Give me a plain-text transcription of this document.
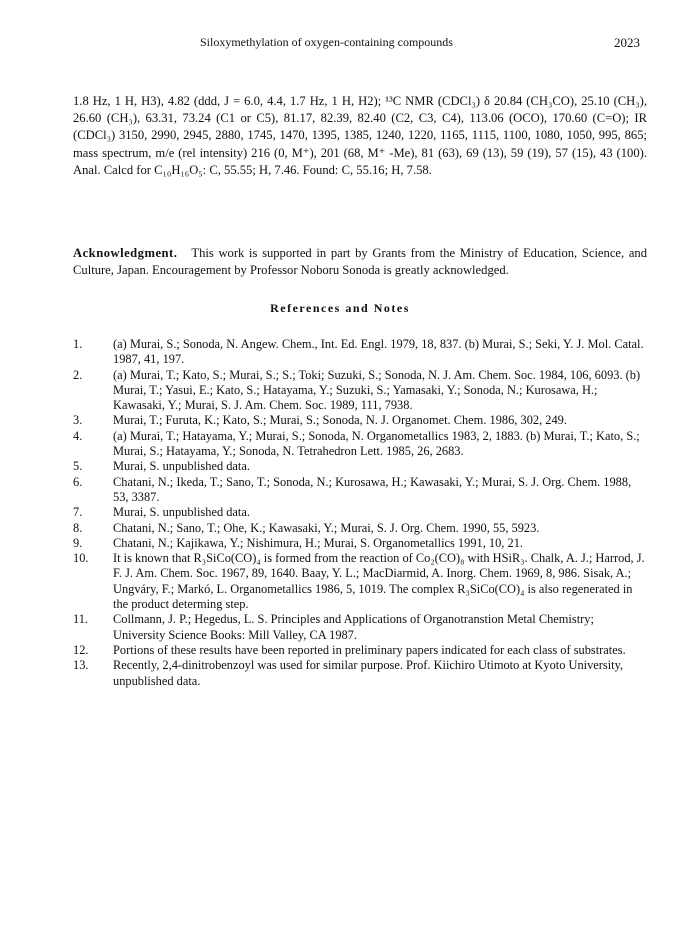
Siloxymethylation of oxygen-containing compounds	2023

1.8 Hz, 1 H, H3), 4.82 (ddd, J = 6.0, 4.4, 1.7 Hz, 1 H, H2); ¹³C NMR (CDCl₃) δ 20.84 (CH₃CO), 25.10 (CH₃), 26.60 (CH₃), 63.31, 73.24 (C1 or C5), 81.17, 82.39, 82.40 (C2, C3, C4), 113.06 (OCO), 170.60 (C=O); IR (CDCl₃) 3150, 2990, 2945, 2880, 1745, 1470, 1395, 1385, 1240, 1220, 1165, 1115, 1100, 1080, 1050, 995, 865; mass spectrum, m/e (rel intensity) 216 (0, M⁺), 201 (68, M⁺ -Me), 81 (63), 69 (13), 59 (19), 57 (15), 43 (100). Anal. Calcd for C₁₀H₁₆O₅: C, 55.55; H, 7.46. Found: C, 55.16; H, 7.58.

Acknowledgment. This work is supported in part by Grants from the Ministry of Education, Science, and Culture, Japan. Encouragement by Professor Noboru Sonoda is greatly acknowledged.

References and Notes
1.	(a) Murai, S.; Sonoda, N. Angew. Chem., Int. Ed. Engl. 1979, 18, 837. (b) Murai, S.; Seki, Y. J. Mol. Catal. 1987, 41, 197.
2.	(a) Murai, T.; Kato, S.; Murai, S.; S.; Toki; Suzuki, S.; Sonoda, N. J. Am. Chem. Soc. 1984, 106, 6093. (b) Murai, T.; Yasui, E.; Kato, S.; Hatayama, Y.; Suzuki, S.; Yamasaki, Y.; Sonoda, N.; Kurosawa, H.; Kawasaki, Y.; Murai, S. J. Am. Chem. Soc. 1989, 111, 7938.
3.	Murai, T.; Furuta, K.; Kato, S.; Murai, S.; Sonoda, N. J. Organomet. Chem. 1986, 302, 249.
4.	(a) Murai, T.; Hatayama, Y.; Murai, S.; Sonoda, N. Organometallics 1983, 2, 1883. (b) Murai, T.; Kato, S.; Murai, S.; Hatayama, Y.; Sonoda, N. Tetrahedron Lett. 1985, 26, 2683.
5.	Murai, S. unpublished data.
6.	Chatani, N.; Ikeda, T.; Sano, T.; Sonoda, N.; Kurosawa, H.; Kawasaki, Y.; Murai, S. J. Org. Chem. 1988, 53, 3387.
7.	Murai, S. unpublished data.
8.	Chatani, N.; Sano, T.; Ohe, K.; Kawasaki, Y.; Murai, S. J. Org. Chem. 1990, 55, 5923.
9.	Chatani, N.; Kajikawa, Y.; Nishimura, H.; Murai, S. Organometallics 1991, 10, 21.
10.	It is known that R₃SiCo(CO)₄ is formed from the reaction of Co₂(CO)₈ with HSiR₃. Chalk, A. J.; Harrod, J. F. J. Am. Chem. Soc. 1967, 89, 1640. Baay, Y. L.; MacDiarmid, A. Inorg. Chem. 1969, 8, 986. Sisak, A.; Ungváry, F.; Markó, L. Organometallics 1986, 5, 1019. The complex R₃SiCo(CO)₄ is also regenerated in the product determing step.
11.	Collmann, J. P.; Hegedus, L. S. Principles and Applications of Organotranstion Metal Chemistry; University Science Books: Mill Valley, CA 1987.
12.	Portions of these results have been reported in preliminary papers indicated for each class of substrates.
13.	Recently, 2,4-dinitrobenzoyl was used for similar purpose. Prof. Kiichiro Utimoto at Kyoto University, unpublished data.
